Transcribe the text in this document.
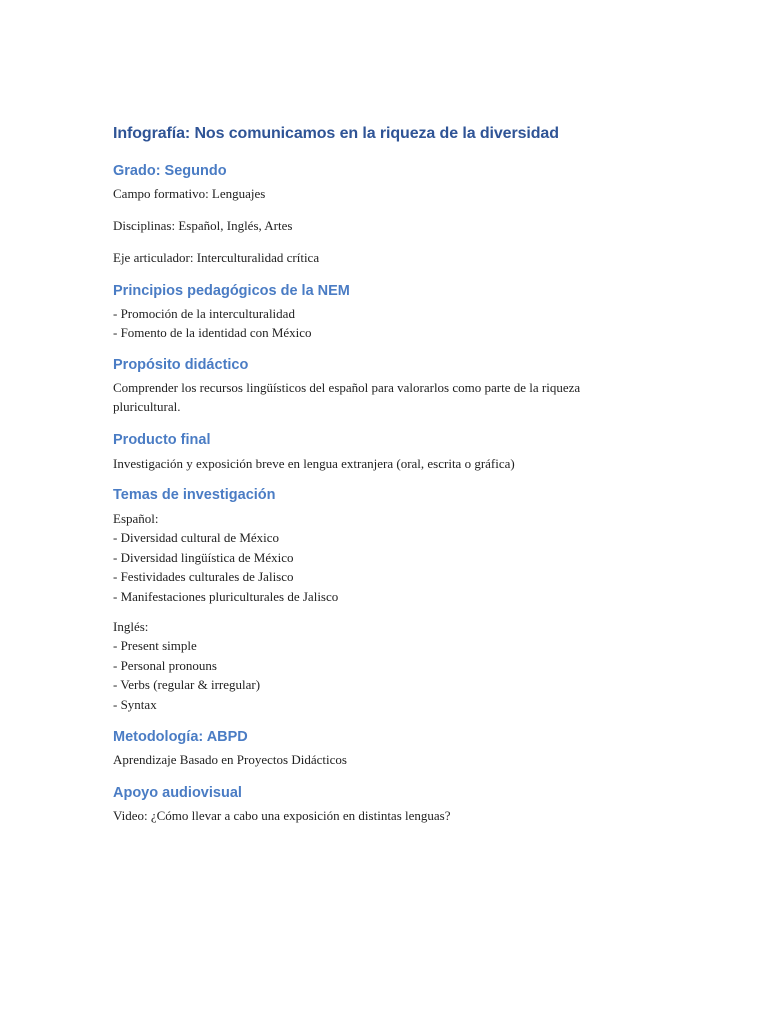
Infografía: Nos comunicamos en la riqueza de la diversidad
Grado: Segundo
Campo formativo: Lenguajes
Disciplinas: Español, Inglés, Artes
Eje articulador: Interculturalidad crítica
Principios pedagógicos de la NEM
- Promoción de la interculturalidad
- Fomento de la identidad con México
Propósito didáctico
Comprender los recursos lingüísticos del español para valorarlos como parte de la riqueza
pluricultural.
Producto final
Investigación y exposición breve en lengua extranjera (oral, escrita o gráfica)
Temas de investigación
Español:
- Diversidad cultural de México
- Diversidad lingüística de México
- Festividades culturales de Jalisco
- Manifestaciones pluriculturales de Jalisco
Inglés:
- Present simple
- Personal pronouns
- Verbs (regular & irregular)
- Syntax
Metodología: ABPD
Aprendizaje Basado en Proyectos Didácticos
Apoyo audiovisual
Video: ¿Cómo llevar a cabo una exposición en distintas lenguas?
